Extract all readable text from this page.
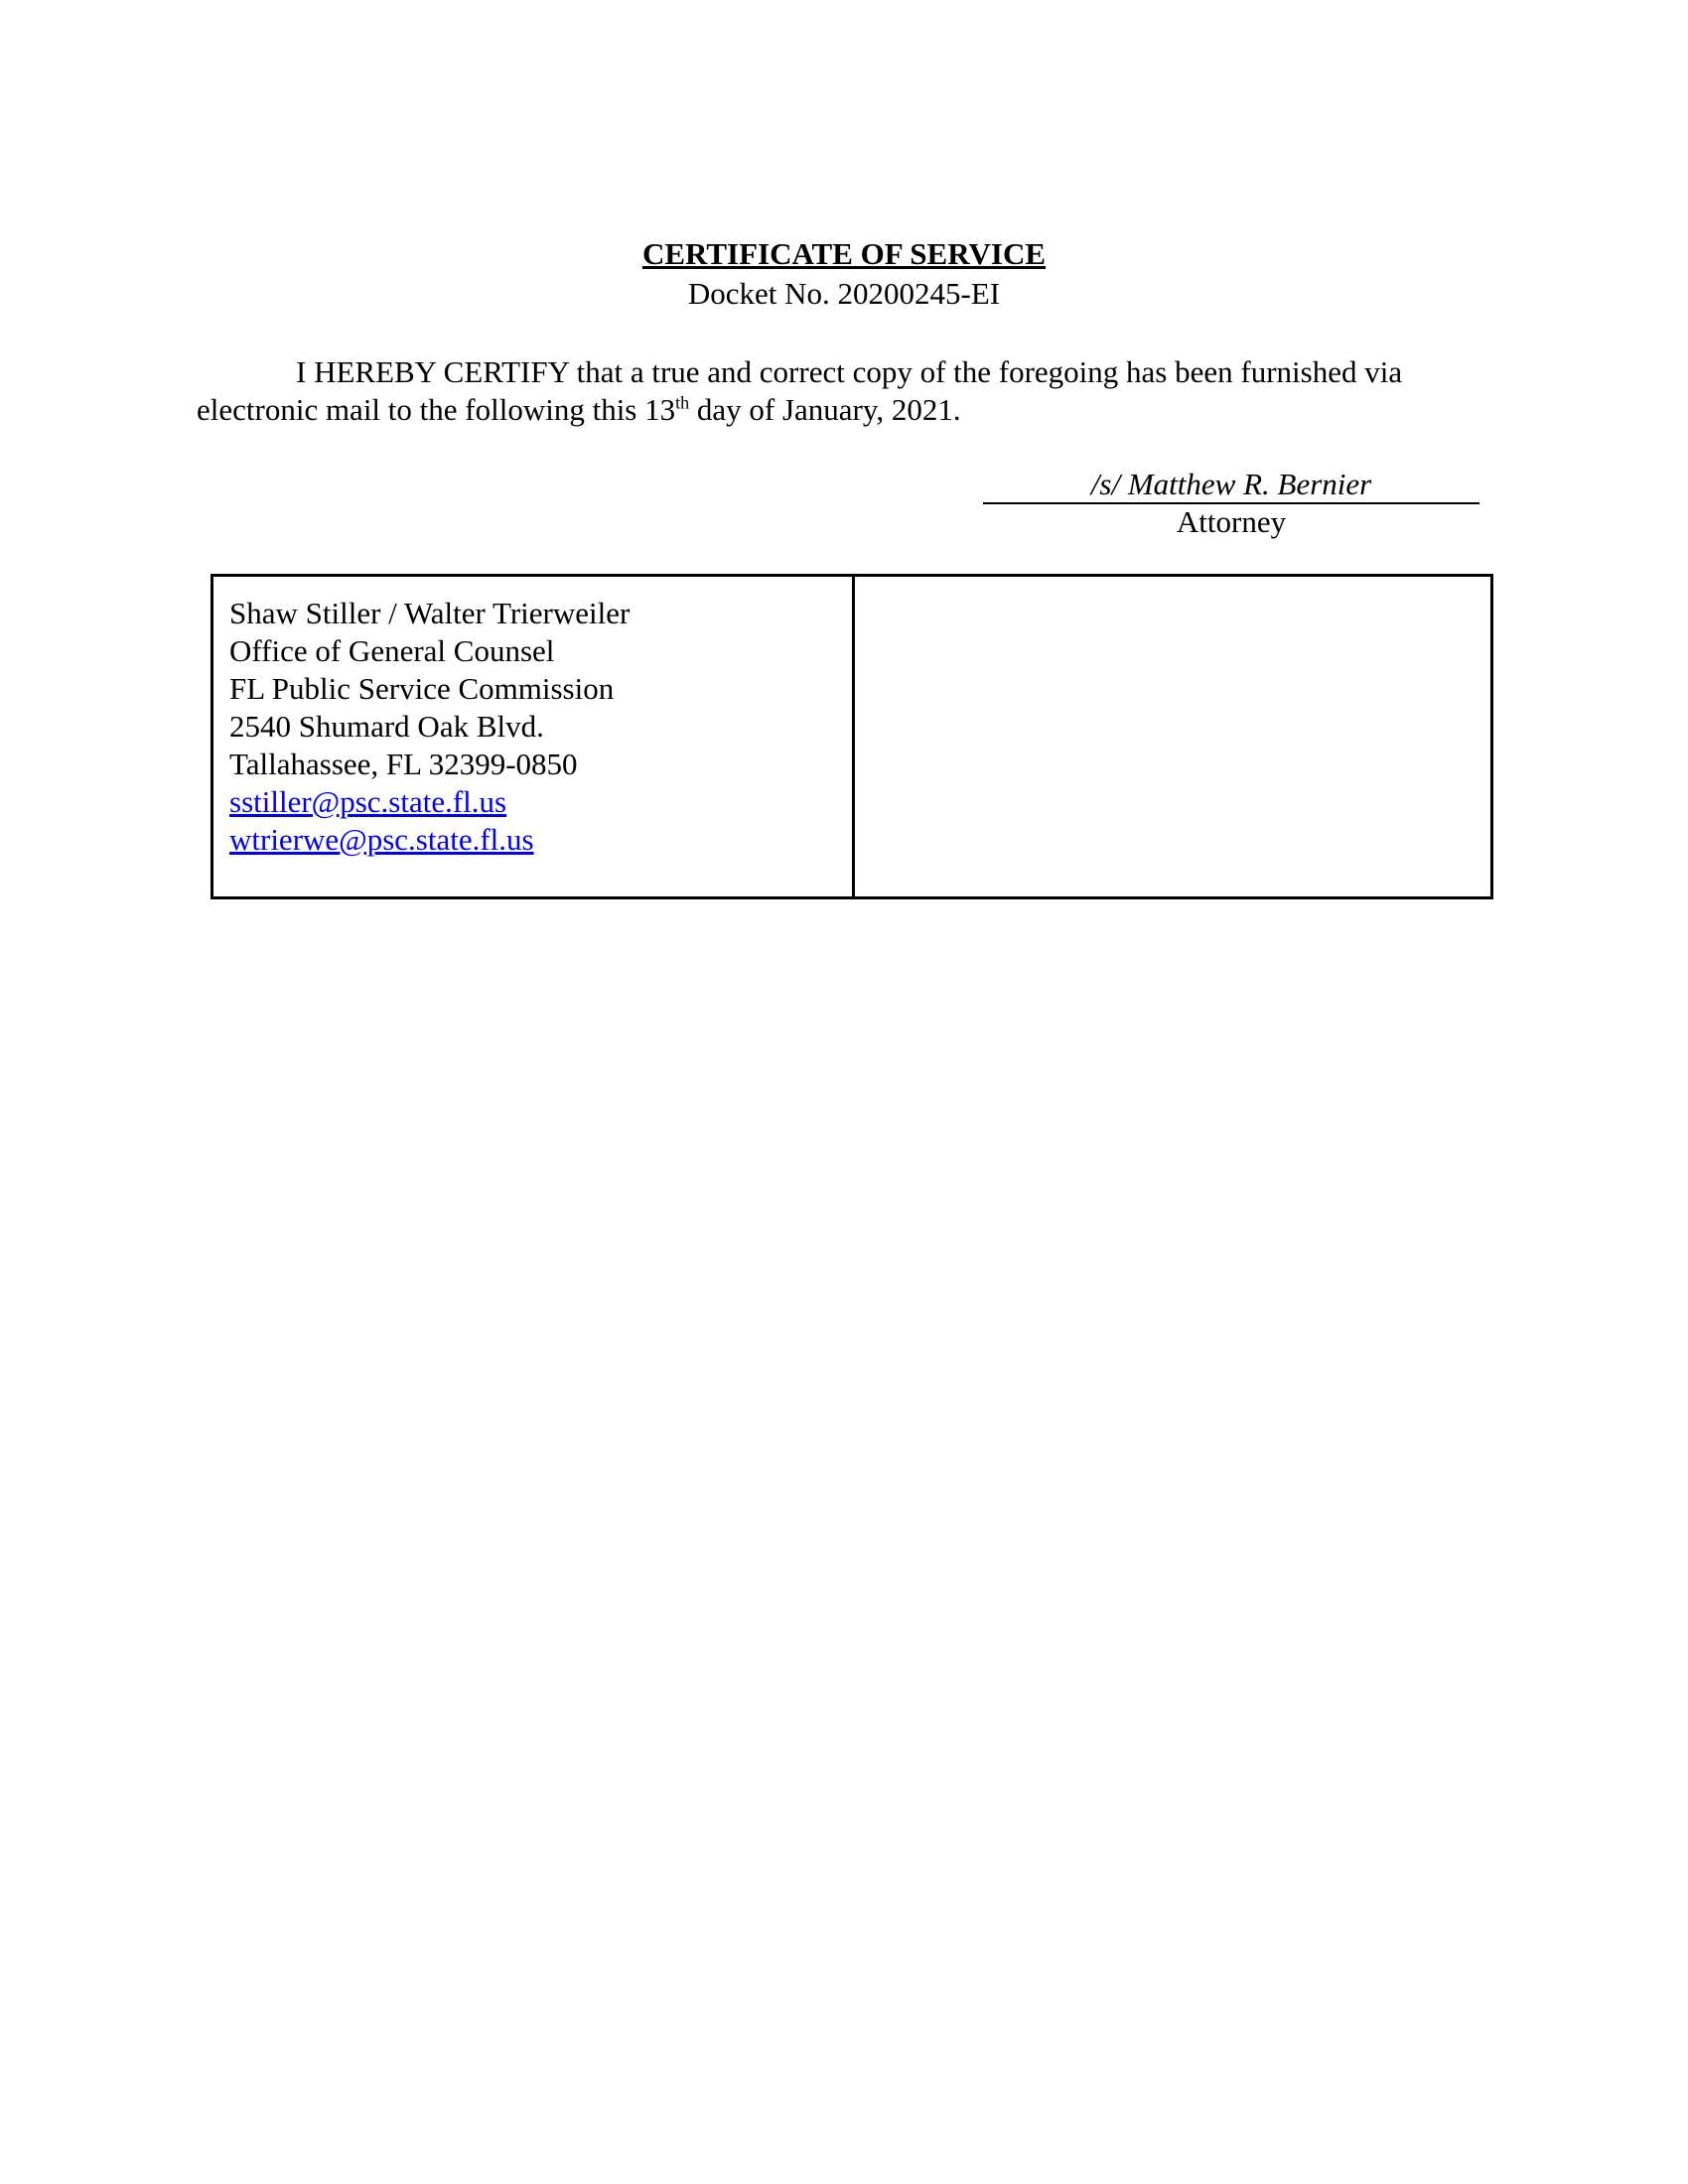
CERTIFICATE OF SERVICE
Docket No. 20200245-EI
I HEREBY CERTIFY that a true and correct copy of the foregoing has been furnished via electronic mail to the following this 13th day of January, 2021.
/s/ Matthew R. Bernier
Attorney
Shaw Stiller / Walter Trierweiler
Office of General Counsel
FL Public Service Commission
2540 Shumard Oak Blvd.
Tallahassee, FL 32399-0850
sstiller@psc.state.fl.us
wtrierwe@psc.state.fl.us
